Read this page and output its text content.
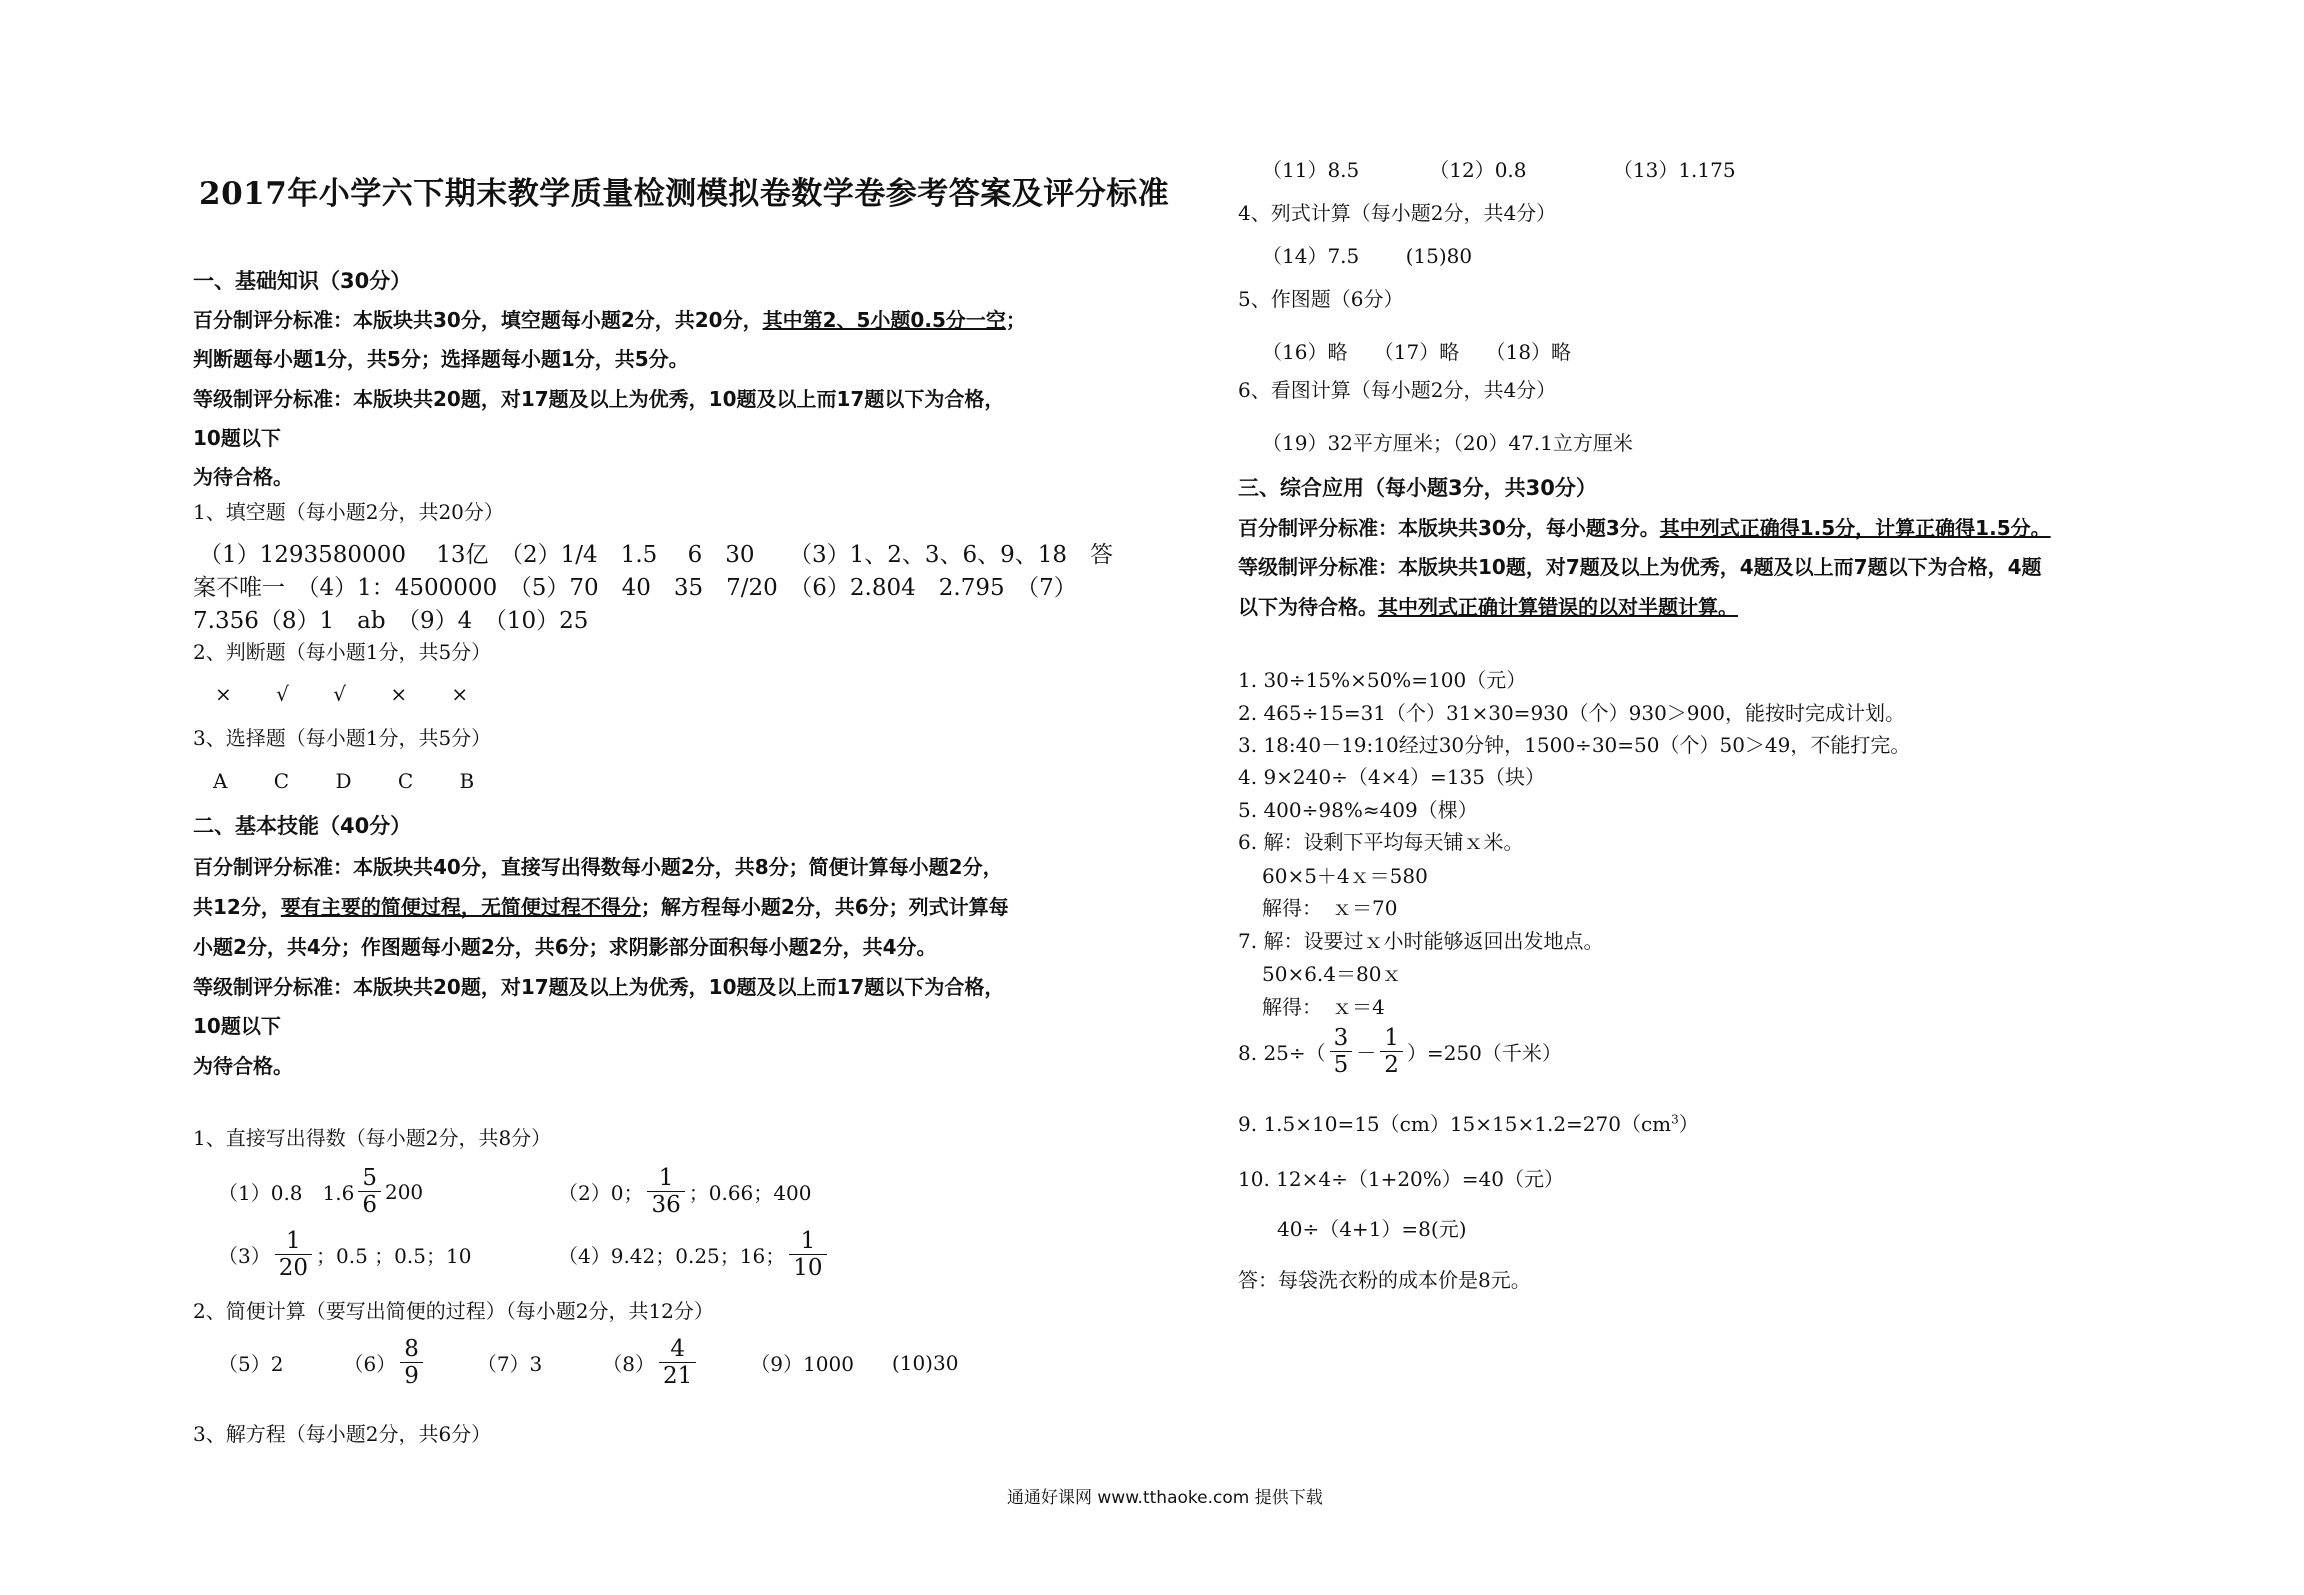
2017年小学六下期末教学质量检测模拟卷数学卷参考答案及评分标准
一、基础知识（30分）
百分制评分标准：本版块共30分，填空题每小题2分，共20分，其中第2、5小题0.5分一空；
判断题每小题1分，共5分；选择题每小题1分，共5分。
等级制评分标准：本版块共20题，对17题及以上为优秀，10题及以上而17题以下为合格，
10题以下
为待合格。
1、填空题（每小题2分，共20分）
（1）1293580000　 13亿　（2）1/4　1.5　 6　30　　（3）1、2、3、6、9、18　答
案不唯一　（4）1：4500000　（5）70　40　35　7/20　（6）2.804　2.795　（7）
7.356（8）1　ab　（9）4　（10）25
2、判断题（每小题1分，共5分）
×　 √　 √　 ×　 ×
3、选择题（每小题1分，共5分）
A　 C　 D　 C　 B
二、基本技能（40分）
百分制评分标准：本版块共40分，直接写出得数每小题2分，共8分；简便计算每小题2分，
共12分，要有主要的简便过程，无简便过程不得分；解方程每小题2分，共6分；列式计算每
小题2分，共4分；作图题每小题2分，共6分；求阴影部分面积每小题2分，共4分。
等级制评分标准：本版块共20题，对17题及以上为优秀，10题及以上而17题以下为合格，
10题以下
为待合格。
1、直接写出得数（每小题2分，共8分）
（1）0.8　$1.6 \frac{5}{6} 200$	（2）0； $\frac{1}{36}$ ；0.66；400
$(3) \frac{1}{20}$ ；0.5 ；0.5；10	（4）9.42；0.25；16； $\frac{1}{10}$
2、简便计算（要写出简便的过程）（每小题2分，共12分）
（5）2	$(6) \frac{8}{9}$	（7）3	$(8) \frac{4}{21}$	（9）1000 (10)30
3、解方程（每小题2分，共6分）
（11）8.5　　　　（12）0.8　　　　 （13）1.175
4、列式计算（每小题2分，共4分）
（14）7.5　　 (15)80
5、作图题（6分）
（16）略　 （17）略　 （18）略
6、看图计算（每小题2分，共4分）
（19）32平方厘米；（20）47.1立方厘米
三、综合应用（每小题3分，共30分）
百分制评分标准：本版块共30分，每小题3分。其中列式正确得1.5分，计算正确得1.5分。
等级制评分标准：本版块共10题，对7题及以上为优秀，4题及以上而7题以下为合格，4题
以下为待合格。其中列式正确计算错误的以对半题计算。
1. 30÷15%×50%=100（元）
2. 465÷15=31（个）31×30=930（个）930＞900，能按时完成计划。
3. 18:40－19:10经过30分钟，1500÷30=50（个）50＞49，不能打完。
4. 9×240÷（4×4）=135（块）
5. 400÷98%≈409（棵）
6. 解：设剩下平均每天铺ｘ米。
60×5＋4ｘ＝580
解得：　ｘ＝70
7. 解：设要过ｘ小时能够返回出发地点。
50×6.4＝80ｘ
解得：　ｘ＝4
8. $25\div( \frac{3}{5} - \frac{1}{2} )=250$（千米）
9. $1.5\times 10=15(cm)15\times 15\times 1.2=270(cm^3)$
10. 12×4÷（1+20%）=40（元）
40÷（4+1）=8(元)
答：每袋洗衣粉的成本价是8元。
通通好课网 www.tthaoke.com 提供下载
